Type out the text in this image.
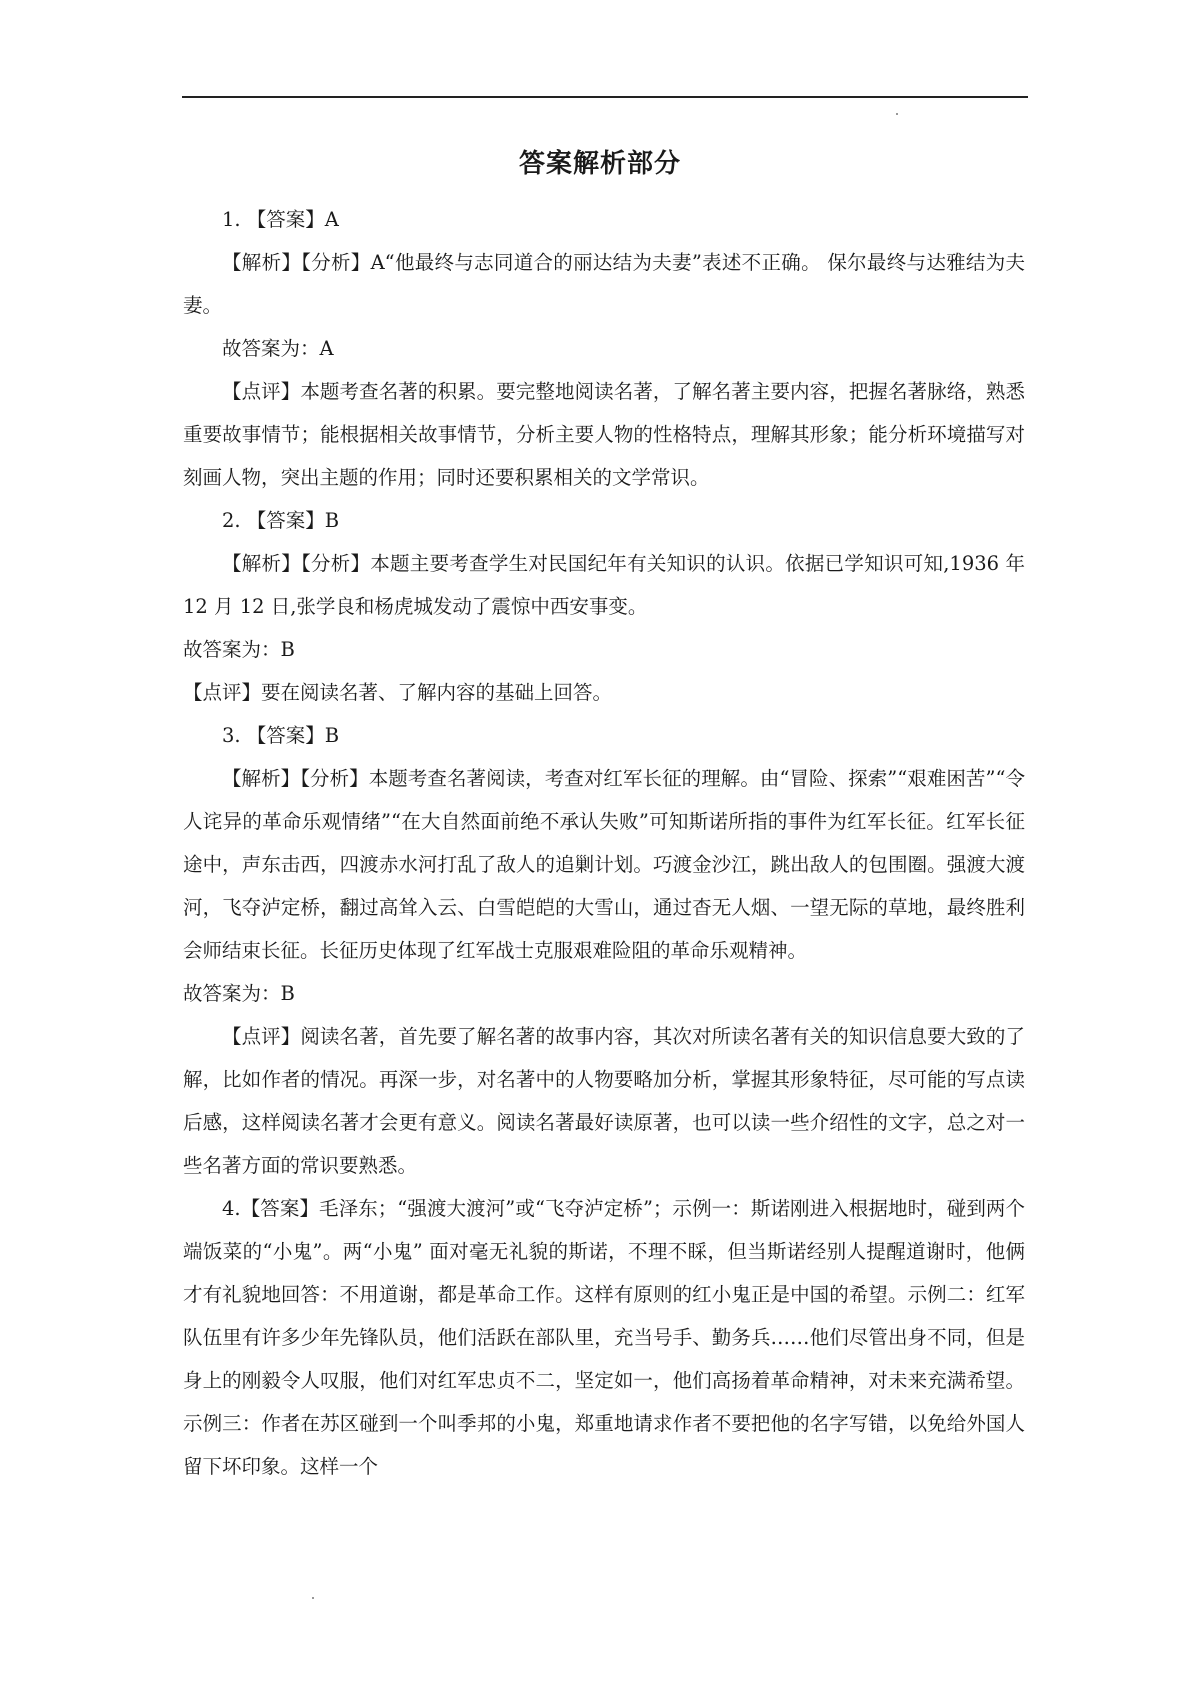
答案解析部分

1. 【答案】A

【解析】【分析】A“他最终与志同道合的丽达结为夫妻”表述不正确。 保尔最终与达雅结为夫妻。

故答案为：A

【点评】本题考查名著的积累。要完整地阅读名著，了解名著主要内容，把握名著脉络，熟悉重要故事情节；能根据相关故事情节，分析主要人物的性格特点，理解其形象；能分析环境描写对刻画人物，突出主题的作用；同时还要积累相关的文学常识。

2. 【答案】B

【解析】【分析】本题主要考查学生对民国纪年有关知识的认识。依据已学知识可知,1936 年 12 月 12 日,张学良和杨虎城发动了震惊中西安事变。

故答案为：B

【点评】要在阅读名著、了解内容的基础上回答。

3. 【答案】B

【解析】【分析】本题考查名著阅读，考查对红军长征的理解。由“冒险、探索”“艰难困苦”“令人诧异的革命乐观情绪”“在大自然面前绝不承认失败”可知斯诺所指的事件为红军长征。红军长征途中，声东击西，四渡赤水河打乱了敌人的追剿计划。巧渡金沙江，跳出敌人的包围圈。强渡大渡河，飞夺泸定桥，翻过高耸入云、白雪皑皑的大雪山，通过杳无人烟、一望无际的草地，最终胜利会师结束长征。长征历史体现了红军战士克服艰难险阻的革命乐观精神。

故答案为：B

【点评】阅读名著，首先要了解名著的故事内容，其次对所读名著有关的知识信息要大致的了解，比如作者的情况。再深一步，对名著中的人物要略加分析，掌握其形象特征，尽可能的写点读后感，这样阅读名著才会更有意义。阅读名著最好读原著，也可以读一些介绍性的文字，总之对一些名著方面的常识要熟悉。

4.【答案】毛泽东；“强渡大渡河”或“飞夺泸定桥”；示例一：斯诺刚进入根据地时，碰到两个端饭菜的“小鬼”。两“小鬼” 面对毫无礼貌的斯诺，不理不睬，但当斯诺经别人提醒道谢时，他俩才有礼貌地回答：不用道谢，都是革命工作。这样有原则的红小鬼正是中国的希望。示例二：红军队伍里有许多少年先锋队员，他们活跃在部队里，充当号手、勤务兵……他们尽管出身不同，但是身上的刚毅令人叹服，他们对红军忠贞不二，坚定如一，他们高扬着革命精神，对未来充满希望。示例三：作者在苏区碰到一个叫季邦的小鬼，郑重地请求作者不要把他的名字写错，以免给外国人留下坏印象。这样一个
